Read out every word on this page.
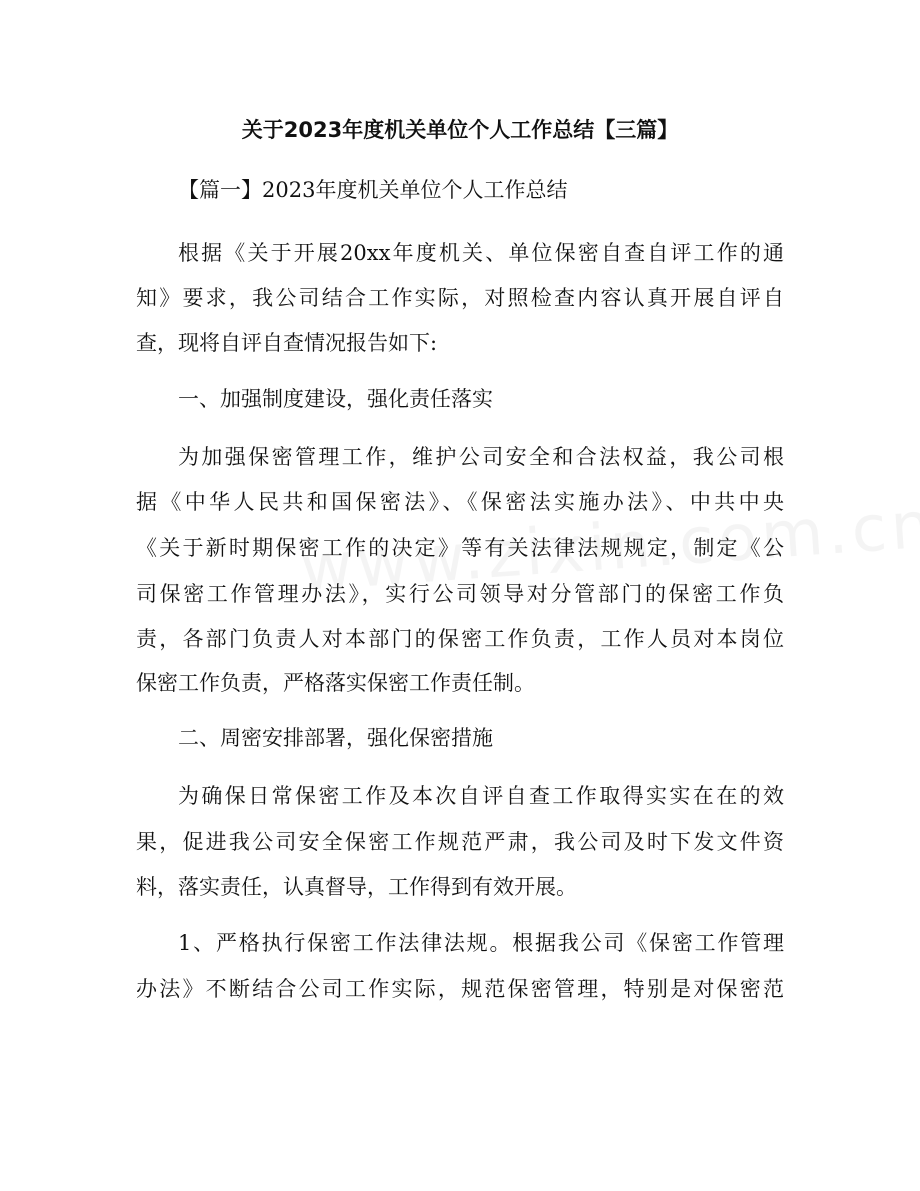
关于2023年度机关单位个人工作总结【三篇】
【篇一】2023年度机关单位个人工作总结
根据《关于开展20xx年度机关、单位保密自查自评工作的通
知》要求，我公司结合工作实际，对照检查内容认真开展自评自
查，现将自评自查情况报告如下:
一、加强制度建设，强化责任落实
为加强保密管理工作，维护公司安全和合法权益，我公司根
据《中华人民共和国保密法》、《保密法实施办法》、中共中央
《关于新时期保密工作的决定》等有关法律法规规定，制定《公
司保密工作管理办法》，实行公司领导对分管部门的保密工作负
责，各部门负责人对本部门的保密工作负责，工作人员对本岗位
保密工作负责，严格落实保密工作责任制。
二、周密安排部署，强化保密措施
为确保日常保密工作及本次自评自查工作取得实实在在的效
果，促进我公司安全保密工作规范严肃，我公司及时下发文件资
料，落实责任，认真督导，工作得到有效开展。
1、严格执行保密工作法律法规。根据我公司《保密工作管理
办法》不断结合公司工作实际，规范保密管理，特别是对保密范
